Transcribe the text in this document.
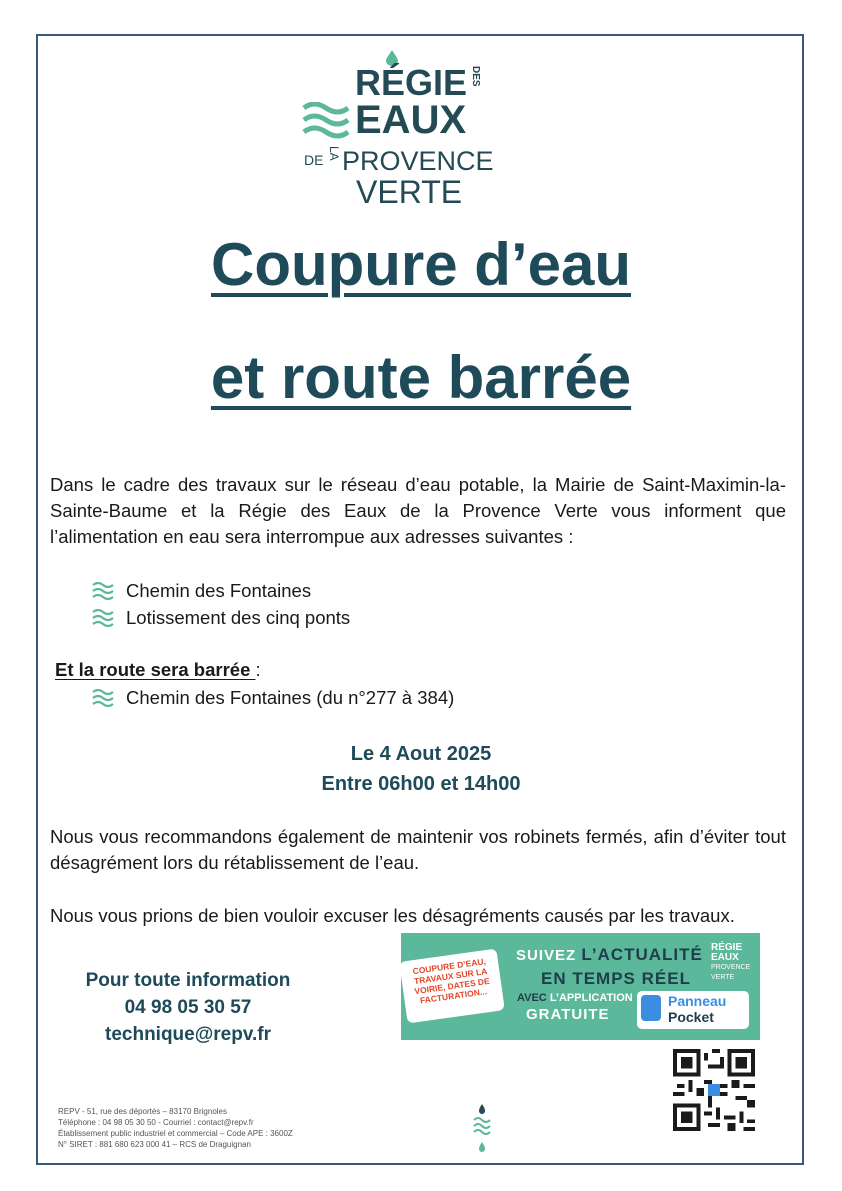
RÉGIE DES
EAUX
DE LA PROVENCE
VERTE
Coupure d’eau
et route barrée
Dans le cadre des travaux sur le réseau d’eau potable, la Mairie de Saint-Maximin-la-Sainte-Baume et la Régie des Eaux de la Provence Verte vous informent que l’alimentation en eau sera interrompue aux adresses suivantes :
Chemin des Fontaines
Lotissement des cinq ponts
Et la route sera barrée :
Chemin des Fontaines (du n°277 à 384)
Le 4 Aout 2025
Entre 06h00 et 14h00
Nous vous recommandons également de maintenir vos robinets fermés, afin d’éviter tout désagrément lors du rétablissement de l’eau.
Nous vous prions de bien vouloir excuser les désagréments causés par les travaux.
Pour toute information
04 98 05 30 57
technique@repv.fr
COUPURE D’EAU, TRAVAUX SUR LA VOIRIE, DATES DE FACTURATION...
SUIVEZ L’ACTUALITÉ
EN TEMPS RÉEL
AVEC L’APPLICATION
GRATUITE
RÉGIE
EAUX
PROVENCE
VERTE
Panneau
Pocket
REPV - 51, rue des déportés – 83170 Brignoles
Téléphone : 04 98 05 30 50 - Courriel : contact@repv.fr
Établissement public industriel et commercial – Code APE : 3600Z
N° SIRET : 881 680 623 000 41 – RCS de Draguignan
